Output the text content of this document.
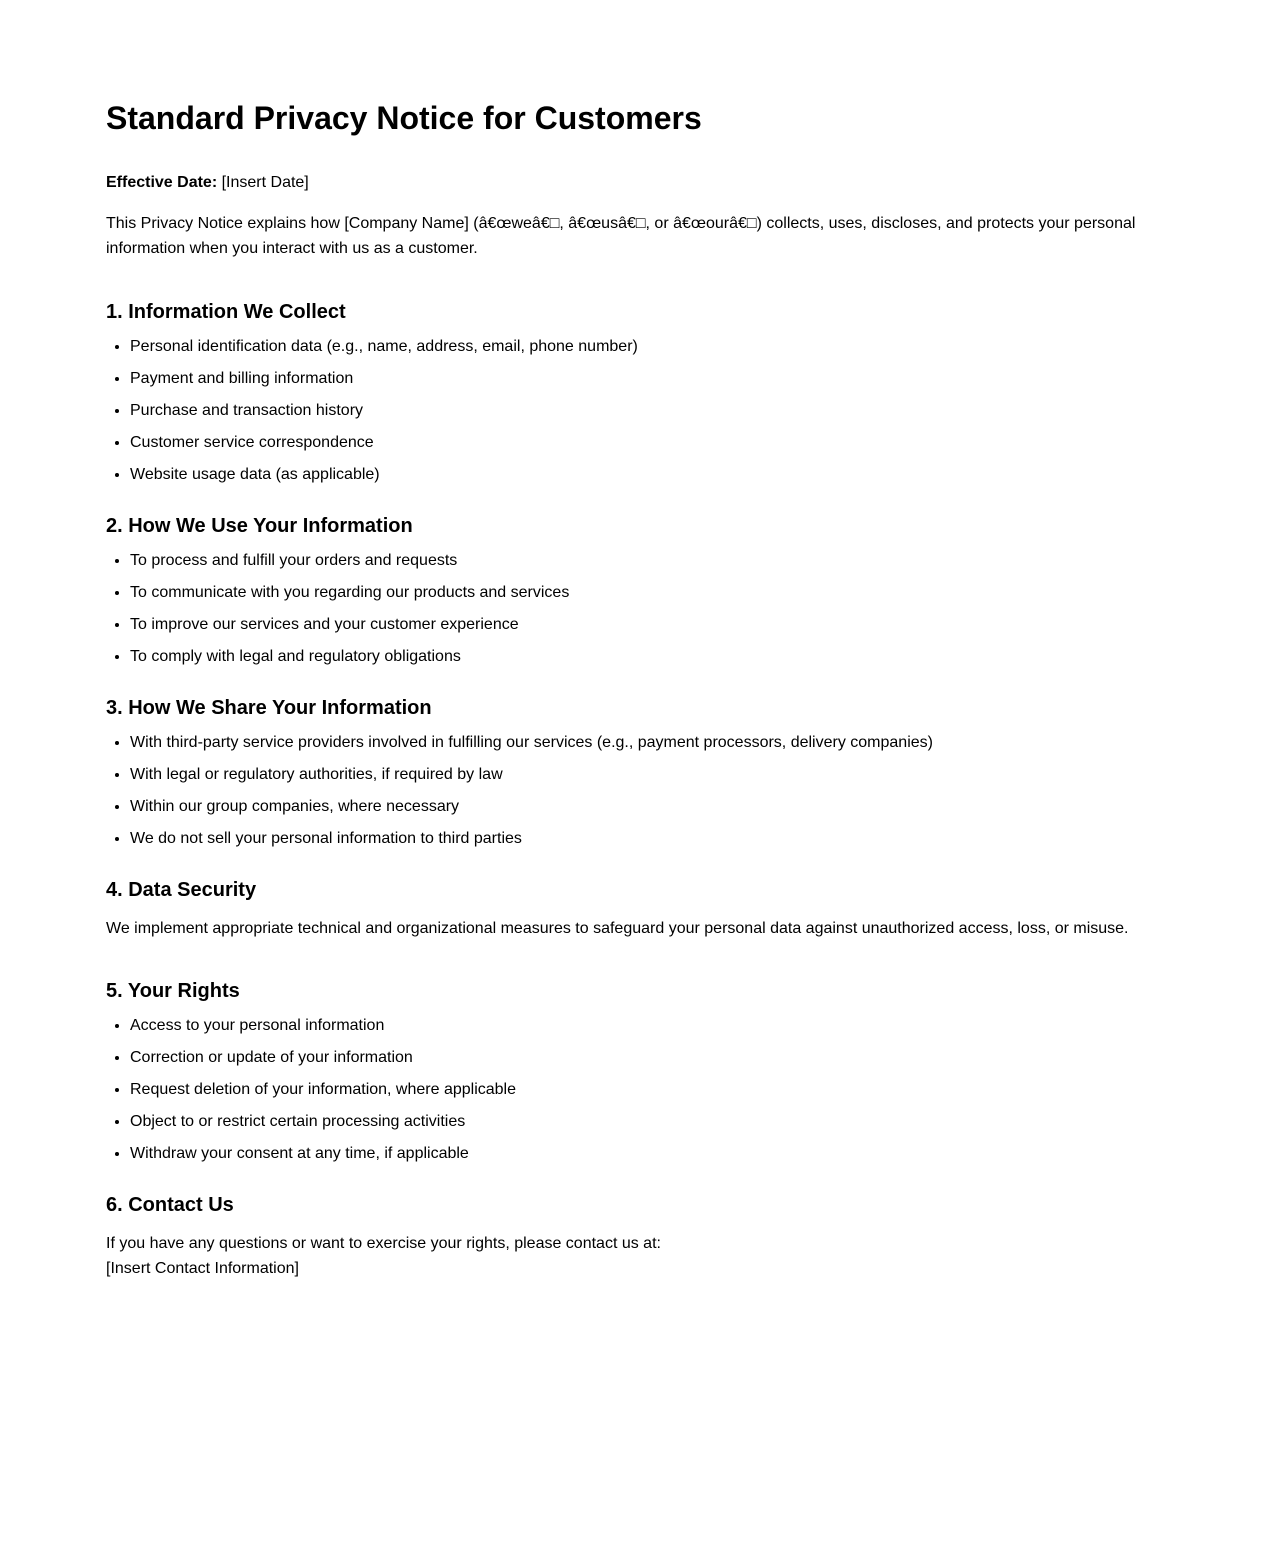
Standard Privacy Notice for Customers

Effective Date: [Insert Date]

This Privacy Notice explains how [Company Name] (â€œweâ€□, â€œusâ€□, or â€œourâ€□) collects, uses, discloses, and protects your personal information when you interact with us as a customer.

1. Information We Collect
• Personal identification data (e.g., name, address, email, phone number)
• Payment and billing information
• Purchase and transaction history
• Customer service correspondence
• Website usage data (as applicable)
2. How We Use Your Information
• To process and fulfill your orders and requests
• To communicate with you regarding our products and services
• To improve our services and your customer experience
• To comply with legal and regulatory obligations
3. How We Share Your Information
• With third-party service providers involved in fulfilling our services (e.g., payment processors, delivery companies)
• With legal or regulatory authorities, if required by law
• Within our group companies, where necessary
• We do not sell your personal information to third parties
4. Data Security

We implement appropriate technical and organizational measures to safeguard your personal data against unauthorized access, loss, or misuse.

5. Your Rights
• Access to your personal information
• Correction or update of your information
• Request deletion of your information, where applicable
• Object to or restrict certain processing activities
• Withdraw your consent at any time, if applicable
6. Contact Us

If you have any questions or want to exercise your rights, please contact us at:
[Insert Contact Information]
